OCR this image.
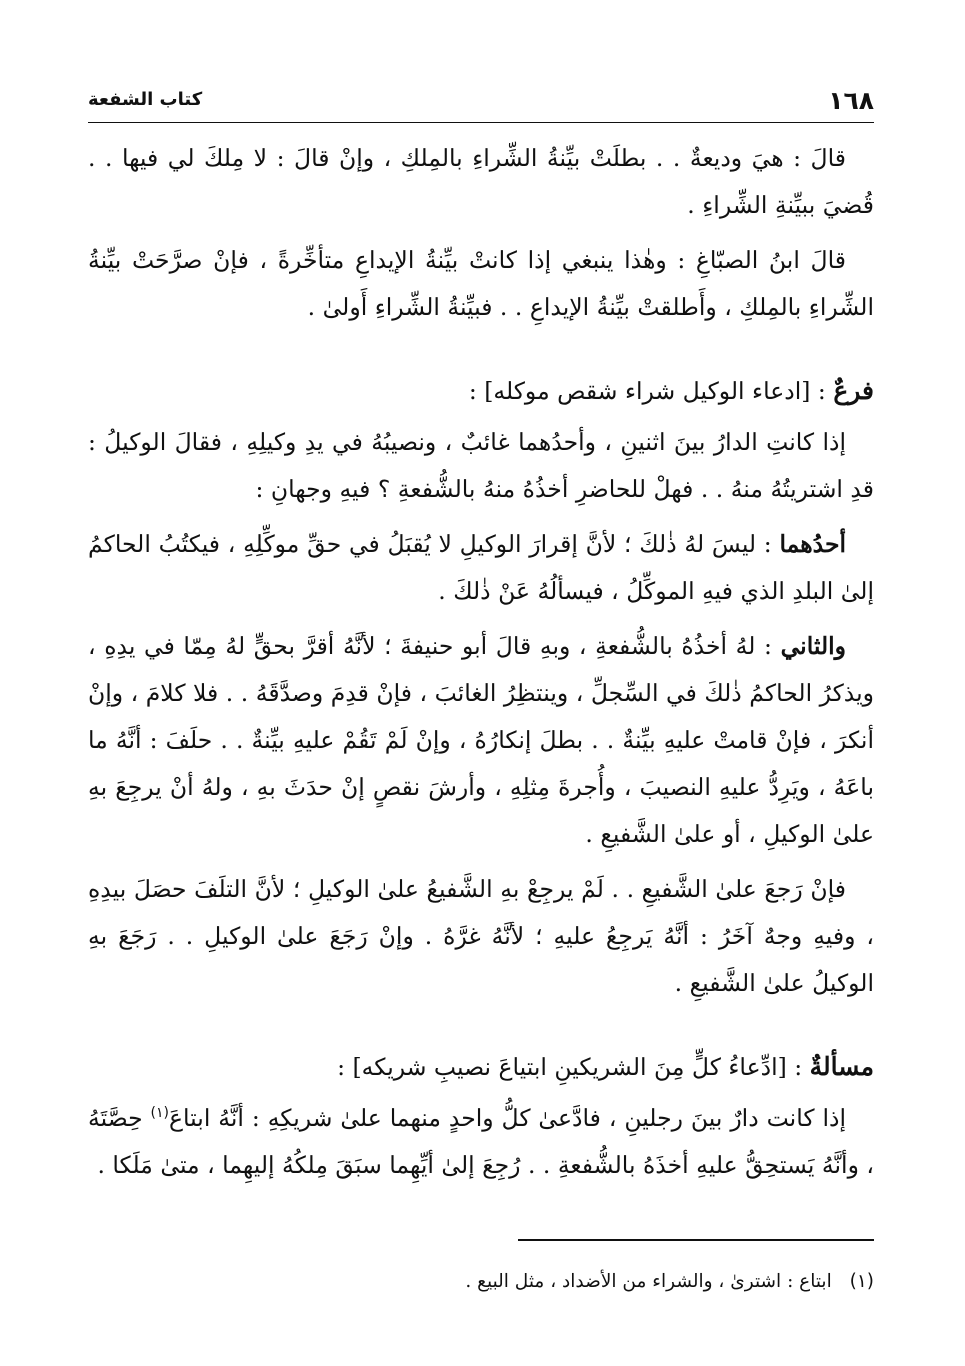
١٦٨
كتاب الشفعة

قالَ : هيَ وديعةٌ . . بطلَتْ بيِّنةُ الشِّراءِ بالمِلكِ ، وإنْ قالَ : لا مِلكَ لي فيها . . قُضيَ ببيِّنةِ الشِّراءِ .

قالَ ابنُ الصبّاغِ : وهٰذا ينبغي إذا كانتْ بيِّنةُ الإيداعِ متأخِّرةً ، فإنْ صرَّحَتْ بيِّنةُ الشِّراءِ بالمِلكِ ، وأَطلقتْ بيِّنةُ الإيداعِ . . فبيِّنةُ الشِّراءِ أَولىٰ .

فرعٌ : [ادعاء الوكيل شراء شقص موكله] :

إذا كانتِ الدارُ بينَ اثنينِ ، وأحدُهما غائبٌ ، ونصيبُهُ في يدِ وكيلِهِ ، فقالَ الوكيلُ : قدِ اشتريتُهُ منهُ . . فهلْ للحاضرِ أخذُهُ منهُ بالشُّفعةِ ؟ فيهِ وجهانِ :

أحدُهما : ليسَ لهُ ذٰلكَ ؛ لأنَّ إقرارَ الوكيلِ لا يُقبَلُ في حقِّ موكِّلِهِ ، فيكتُبُ الحاكمُ إلىٰ البلدِ الذي فيهِ الموكِّلُ ، فيسألُهُ عَنْ ذٰلكَ .

والثاني : لهُ أخذُهُ بالشُّفعةِ ، وبهِ قالَ أبو حنيفةَ ؛ لأنَّهُ أقرَّ بحقٍّ لهُ مِمّا في يدِهِ ، ويذكرُ الحاكمُ ذٰلكَ في السِّجلِّ ، وينتظِرُ الغائبَ ، فإنْ قدِمَ وصدَّقَهُ . . فلا كلامَ ، وإنْ أنكرَ ، فإنْ قامتْ عليهِ بيِّنةٌ . . بطلَ إنكارُهُ ، وإنْ لَمْ تَقُمْ عليهِ بيِّنةٌ . . حلَفَ : أنَّهُ ما باعَهُ ، ويَرِدُّ عليهِ النصيبَ ، وأُجرةَ مِثلِهِ ، وأرشَ نقصٍ إنْ حدَثَ بهِ ، ولهُ أنْ يرجِعَ بهِ علىٰ الوكيلِ ، أو علىٰ الشَّفيعِ .

فإنْ رَجعَ علىٰ الشَّفيعِ . . لَمْ يرجِعْ بهِ الشَّفيعُ علىٰ الوكيلِ ؛ لأنَّ التلَفَ حصَلَ بيدِهِ ، وفيهِ وجهٌ آخَرُ : أنَّهُ يَرجِعُ عليهِ ؛ لأنَّهُ غرَّهُ . وإنْ رَجَعَ علىٰ الوكيلِ . . رَجَعَ بهِ الوكيلُ علىٰ الشَّفيعِ .

مسألةٌ : [ادِّعاءُ كلٍّ مِنَ الشريكينِ ابتياعَ نصيبِ شريكه] :

إذا كانت دارٌ بينَ رجلينِ ، فادَّعىٰ كلُّ واحدٍ منهما علىٰ شريكِهِ : أنَّهُ ابتاعَ$^{(١)}$ حِصَّتَهُ ، وأنَّهُ يَستحِقُّ عليهِ أخذَهُ بالشُّفعةِ . . رُجِعَ إلىٰ أيِّهِما سبَقَ مِلكُهُ إليهِما ، متىٰ مَلَكا .

(١) ابتاع : اشترىٰ ، والشراء من الأضداد ، مثل البيع .
